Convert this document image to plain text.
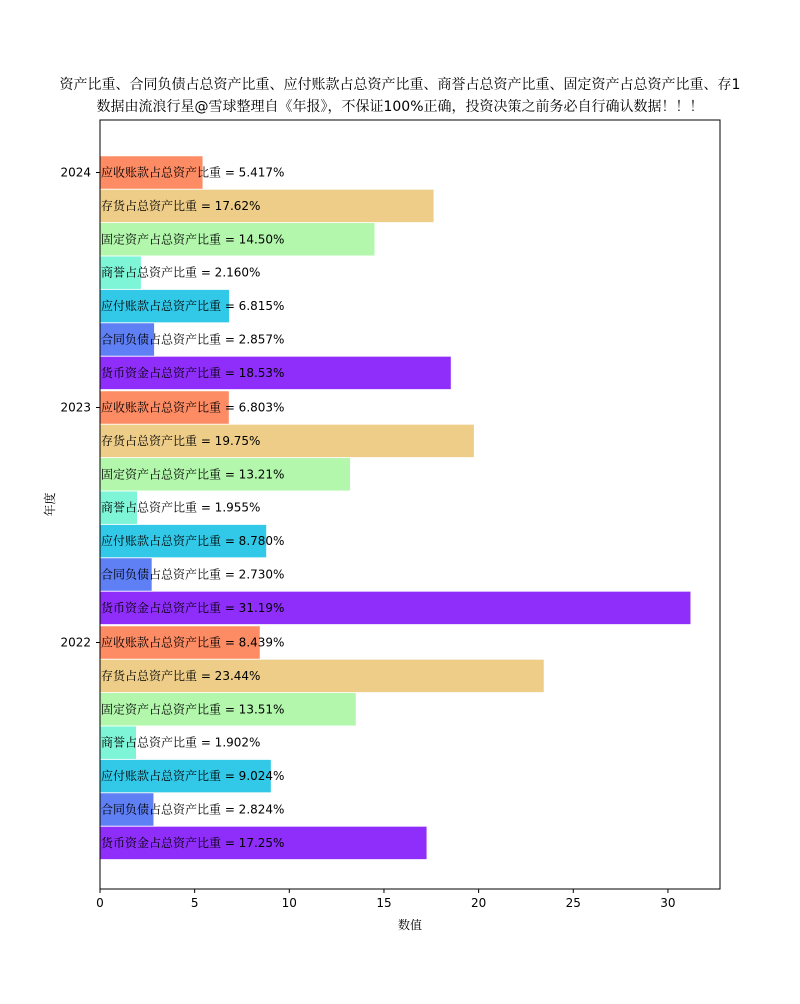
资产比重、合同负债占总资产比重、应付账款占总资产比重、商誉占总资产比重、固定资产占总资产比重、存1
数据由流浪行星@雪球整理自《年报》，不保证100%正确，投资决策之前务必自行确认数据！！！
应收账款占总资产比重 = 5.417%
存货占总资产比重 = 17.62%
固定资产占总资产比重 = 14.50%
商誉占总资产比重 = 2.160%
应付账款占总资产比重 = 6.815%
合同负债占总资产比重 = 2.857%
货币资金占总资产比重 = 18.53%
应收账款占总资产比重 = 6.803%
存货占总资产比重 = 19.75%
固定资产占总资产比重 = 13.21%
商誉占总资产比重 = 1.955%
应付账款占总资产比重 = 8.780%
合同负债占总资产比重 = 2.730%
货币资金占总资产比重 = 31.19%
应收账款占总资产比重 = 8.439%
存货占总资产比重 = 23.44%
固定资产占总资产比重 = 13.51%
商誉占总资产比重 = 1.902%
应付账款占总资产比重 = 9.024%
合同负债占总资产比重 = 2.824%
货币资金占总资产比重 = 17.25%
0	5	10	15	20	25	30
2024
2023
2022
数值
年度
